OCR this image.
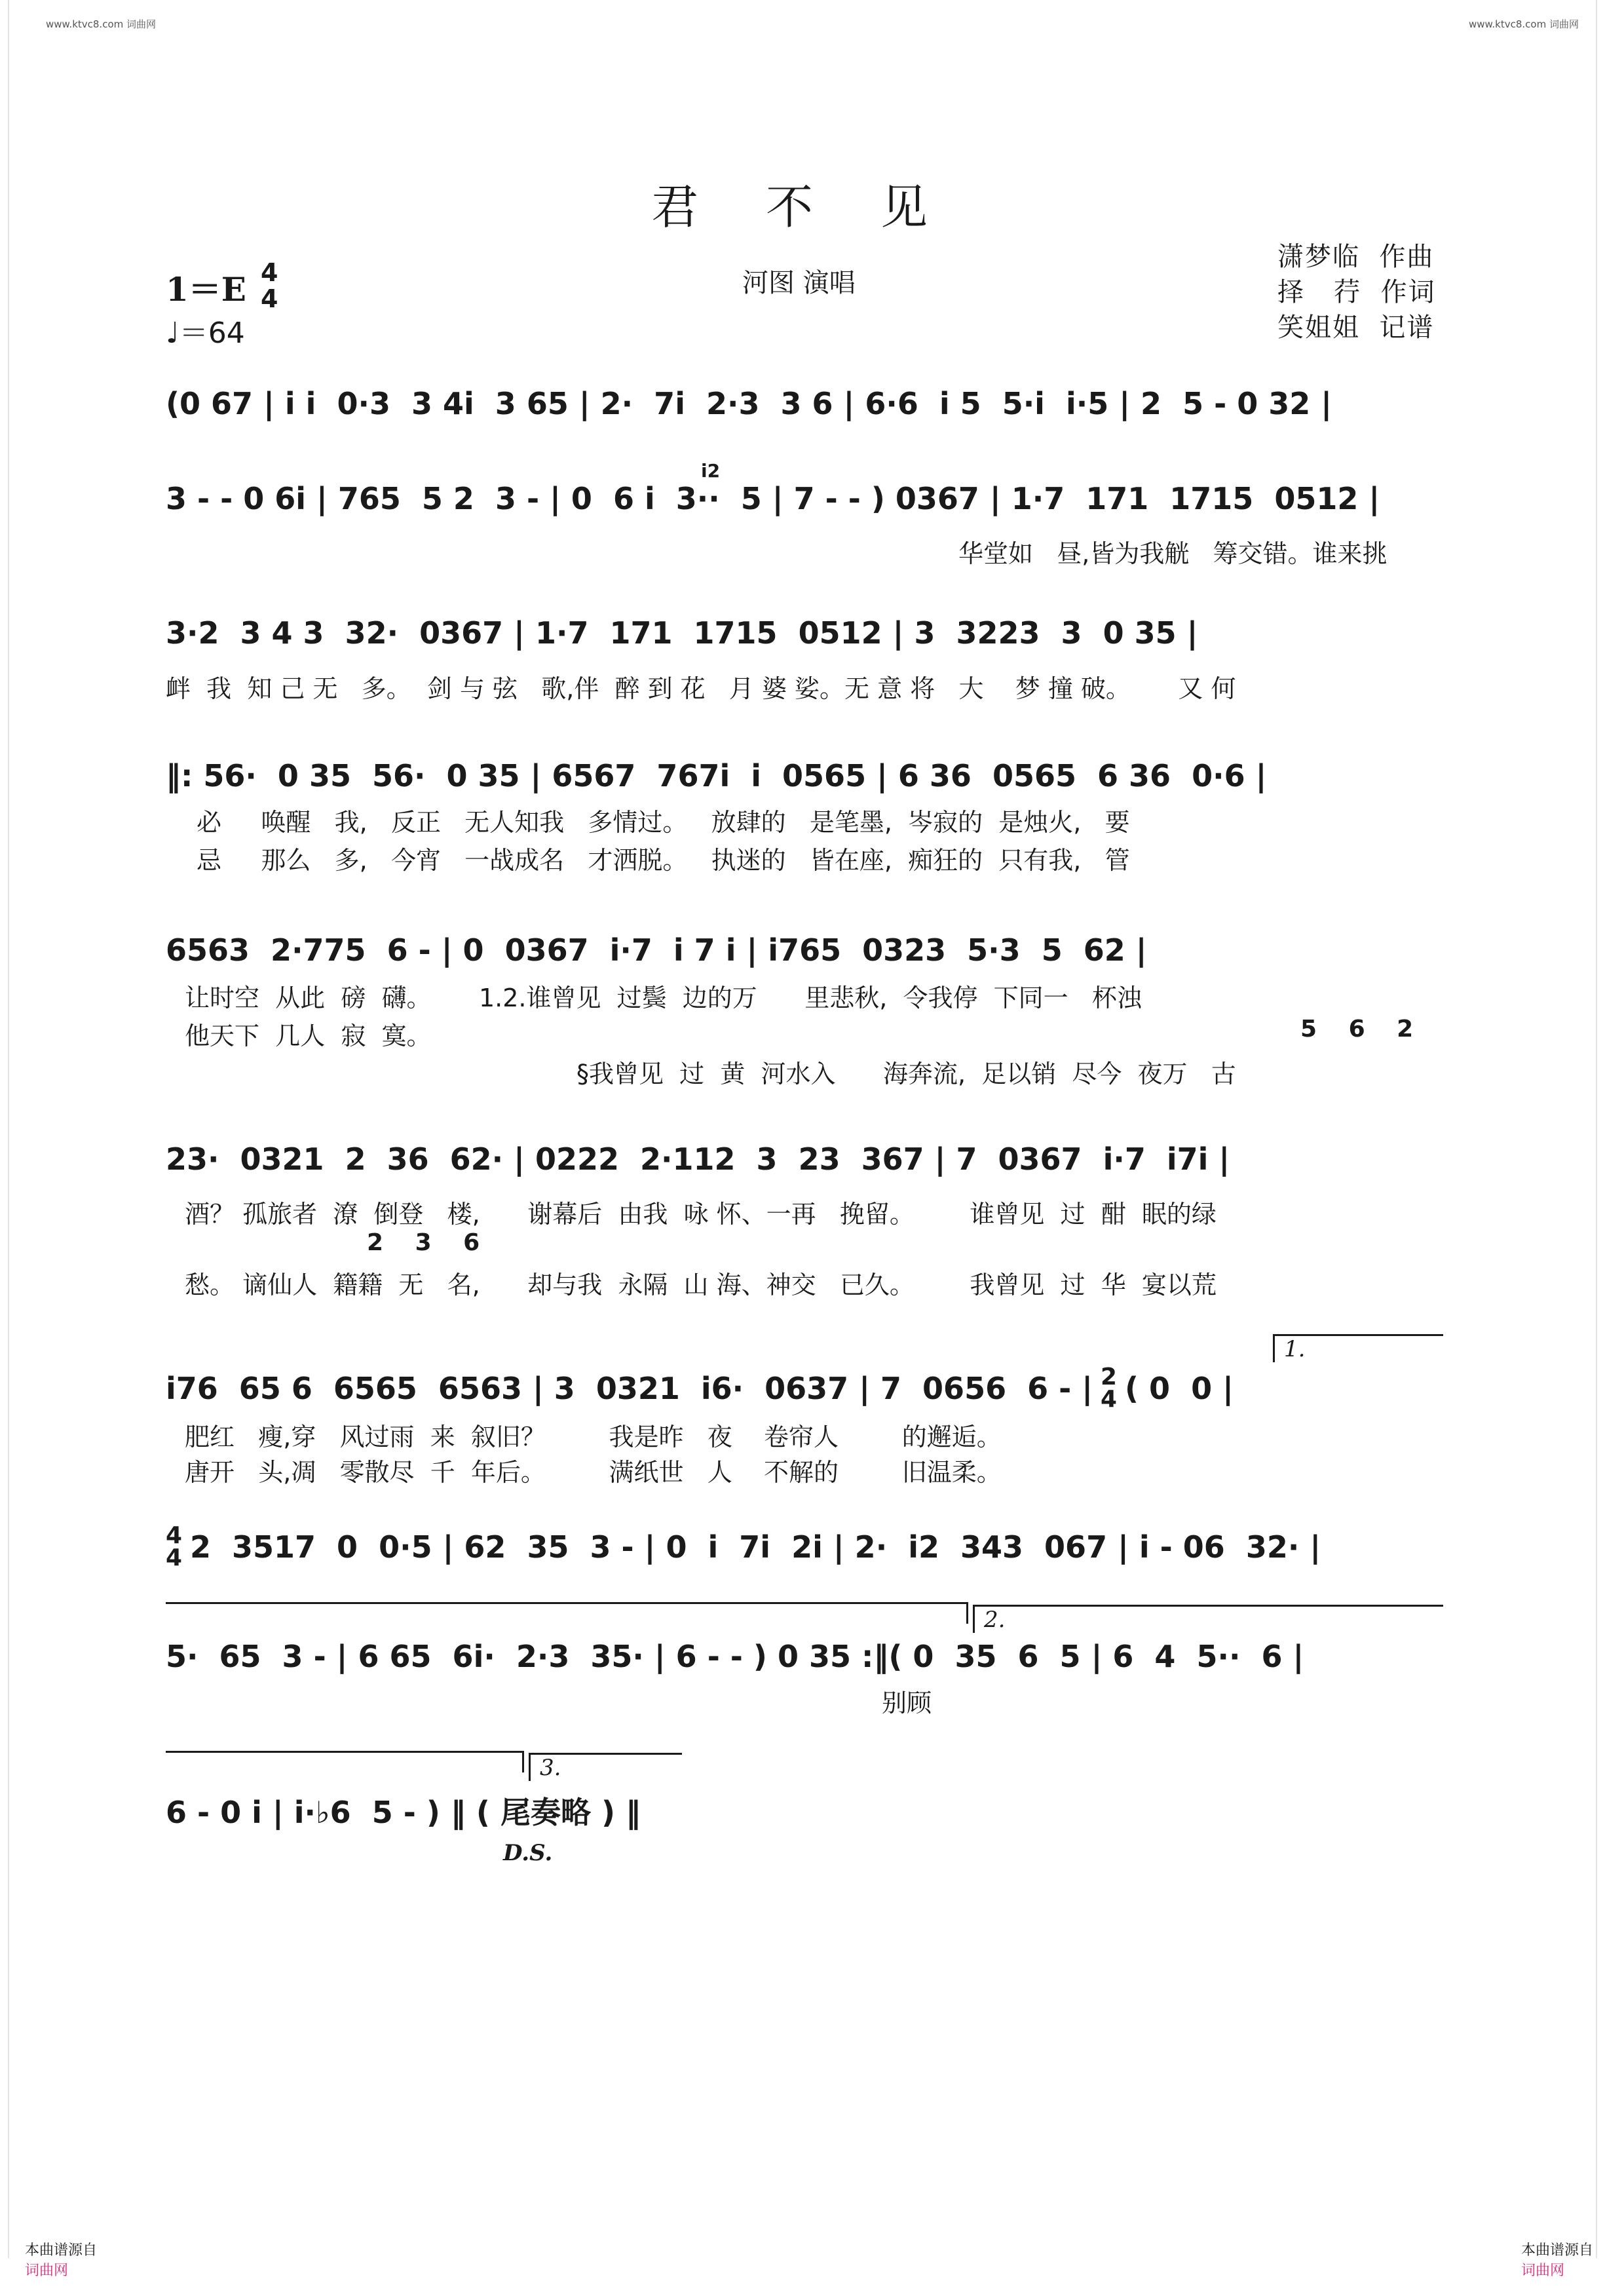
www.ktvc8.com 词曲网	www.ktvc8.com 词曲网
君 不 见
河图 演唱
潇梦临  作曲
择   荇  作词
笑姐姐  记谱
1＝E 4
4
♩＝64
(0 67 | i i  0·3  3 4i  3 65 | 2·  7i  2·3  3 6 | 6·6  i 5  5·i  i·5 | 2  5 - 0 32 |
i2
3 - - 0 6i | 765  5 2  3 - | 0  6 i  3··  5 | 7 - - ) 0367 | 1·7  171  1715  0512 |
华堂如   昼,皆为我觥   筹交错。谁来挑
3·2  3 4 3  32·  0367 | 1·7  171  1715  0512 | 3  3223  3  0 35 |
衅  我  知 己 无   多。  剑 与 弦   歌,伴  醉 到 花   月 婆 娑。无 意 将   大    梦 撞 破。      又 何
‖: 56·  0 35  56·  0 35 | 6567  767i  i  0565 | 6 36  0565  6 36  0·6 |
必     唤醒   我,   反正   无人知我   多情过。   放肆的   是笔墨,  岑寂的  是烛火,   要
忌     那么   多,   今宵   一战成名   才洒脱。   执迷的   皆在座,  痴狂的  只有我,   管
6563  2·775  6 - | 0  0367  i·7  i 7 i | i765  0323  5·3  5  62 |
让时空  从此  磅  礴。      1.2.谁曾见  过鬓  边的万      里悲秋,  令我停  下同一   杯浊
他天下  几人  寂  寞。	5 6 2
§我曾见  过  黄  河水入      海奔流,  足以销  尽今  夜万   古
23·  0321  2  36  62· | 0222  2·112  3  23  367 | 7  0367  i·7  i7i |
酒？ 孤旅者  潦  倒登   楼,      谢幕后  由我  咏 怀、一再   挽留。       谁曾见  过  酣  眠的绿
2 3 6
愁。 谪仙人  籍籍  无   名,      却与我  永隔  山 海、神交   已久。       我曾见  过  华  宴以荒
1.
i76  65 6  6565  6563 | 3  0321  i6·  0637 | 7  0656  6 - | 2
4 ( 0  0 |
肥红   瘦,穿   风过雨  来  叙旧？        我是昨   夜    卷帘人        的邂逅。
唐开   头,凋   零散尽  千  年后。        满纸世   人    不解的        旧温柔。
4
4 2  3517  0  0·5 | 62  35  3 - | 0  i  7i  2i | 2·  i2  343  067 | i - 06  32· |
2.
5·  65  3 - | 6 65  6i·  2·3  35· | 6 - - ) 0 35 :‖( 0  35  6  5 | 6  4  5··  6 |
别顾
3.
6 - 0 i | i·♭6  5 - ) ‖ ( 尾奏略 ) ‖
D.S.

本曲谱源自
词曲网

本曲谱源自
词曲网
